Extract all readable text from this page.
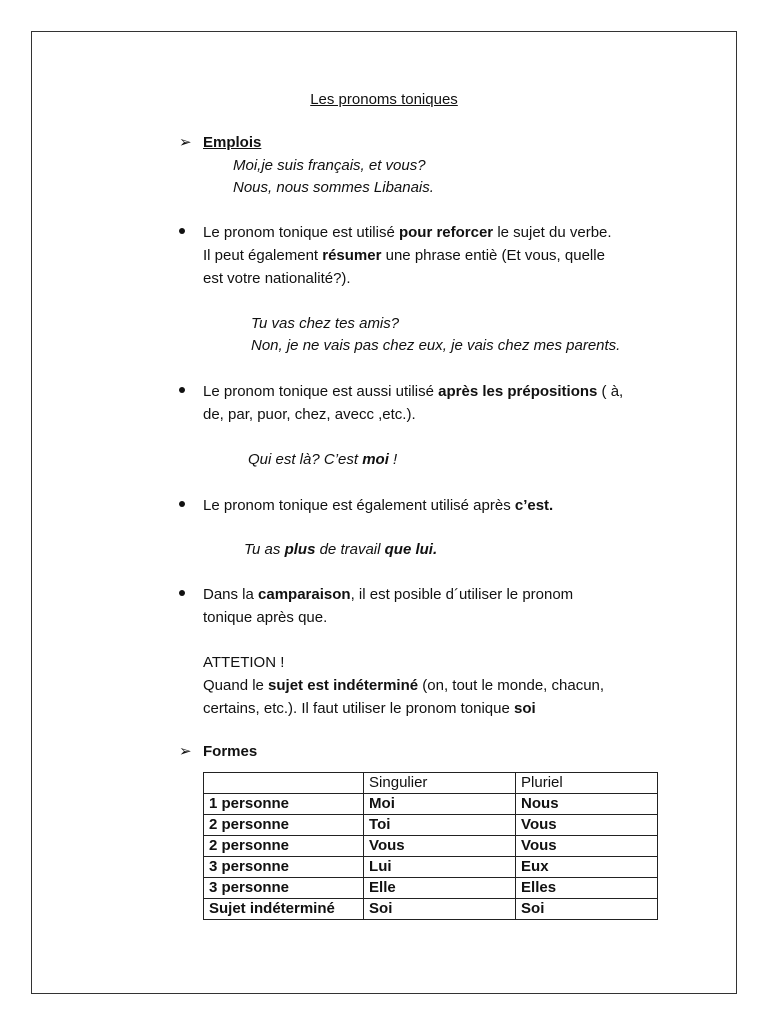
Les pronoms toniques
➢ Emplois
Moi,je suis français, et vous?
Nous, nous sommes Libanais.
Le pronom tonique est utilisé pour reforcer le sujet du verbe.
Il peut également résumer une phrase entiè (Et vous, quelle
est votre nationalité?).
Tu vas chez tes amis?
Non, je ne vais pas chez eux, je vais chez mes parents.
Le pronom tonique est aussi utilisé après les prépositions ( à,
de, par, puor, chez, avecc ,etc.).
Qui est là? C’est moi !
Le pronom tonique est également utilisé après c’est.
Tu as plus de travail que lui.
Dans la camparaison, il est posible d´utiliser le pronom
tonique après que.
ATTETION !
Quand le sujet est indéterminé (on, tout le monde, chacun,
certains, etc.). Il faut utiliser le pronom tonique soi
➢ Formes
	Singulier	Pluriel
1 personne	Moi	Nous
2 personne	Toi	Vous
2 personne	Vous	Vous
3 personne	Lui	Eux
3 personne	Elle	Elles
Sujet indéterminé	Soi	Soi
